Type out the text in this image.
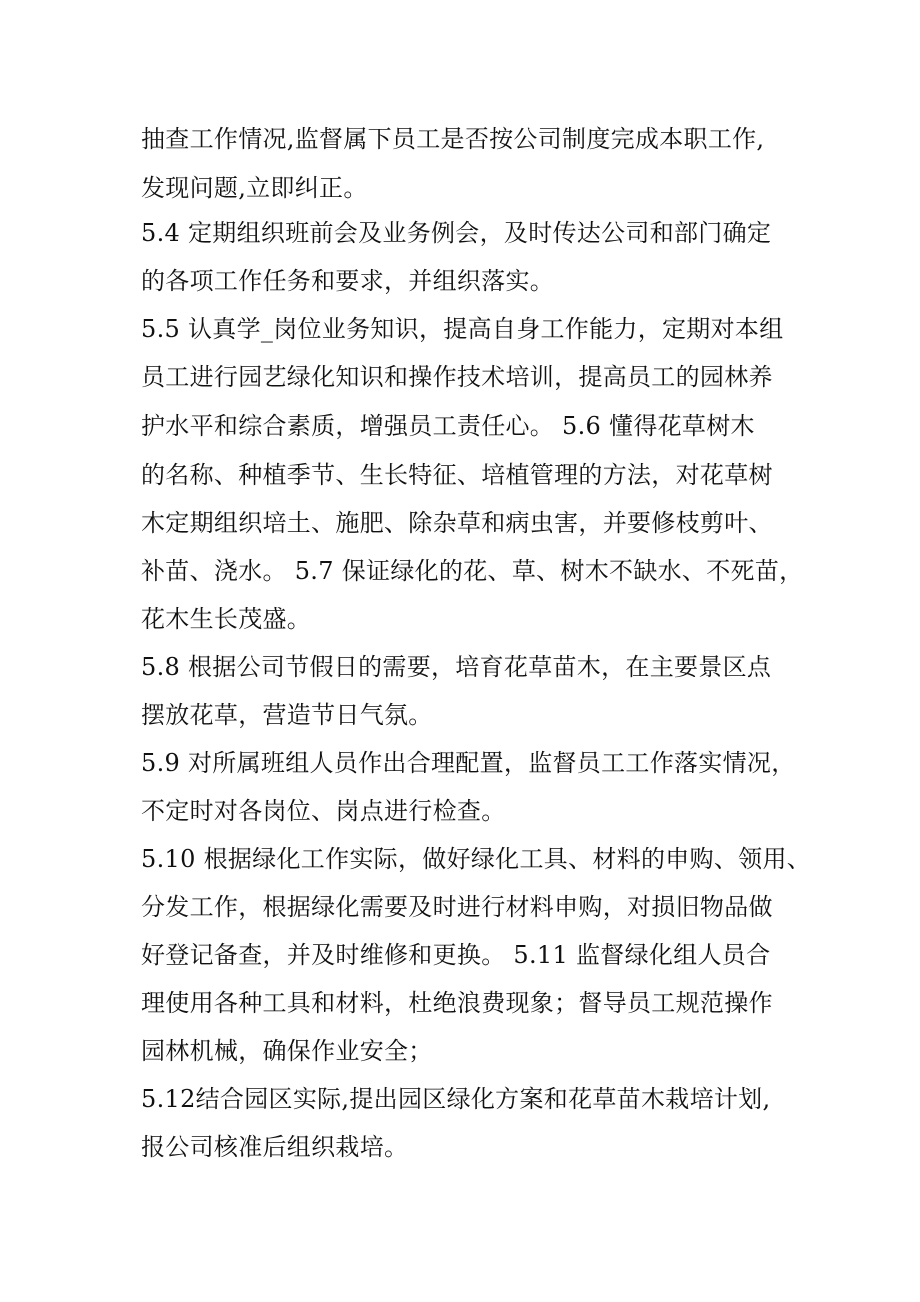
抽查工作情况,监督属下员工是否按公司制度完成本职工作,

发现问题,立即纠正。

5.4 定期组织班前会及业务例会，及时传达公司和部门确定

的各项工作任务和要求，并组织落实。

5.5 认真学_岗位业务知识，提高自身工作能力，定期对本组

员工进行园艺绿化知识和操作技术培训，提高员工的园林养

护水平和综合素质，增强员工责任心。 5.6 懂得花草树木

的名称、种植季节、生长特征、培植管理的方法，对花草树

木定期组织培土、施肥、除杂草和病虫害，并要修枝剪叶、

补苗、浇水。 5.7 保证绿化的花、草、树木不缺水、不死苗，

花木生长茂盛。

5.8 根据公司节假日的需要，培育花草苗木，在主要景区点

摆放花草，营造节日气氛。

5.9 对所属班组人员作出合理配置，监督员工工作落实情况，

不定时对各岗位、岗点进行检查。

5.10 根据绿化工作实际，做好绿化工具、材料的申购、领用、

分发工作，根据绿化需要及时进行材料申购，对损旧物品做

好登记备查，并及时维修和更换。 5.11 监督绿化组人员合

理使用各种工具和材料，杜绝浪费现象；督导员工规范操作

园林机械，确保作业安全；

5.12结合园区实际,提出园区绿化方案和花草苗木栽培计划,

报公司核准后组织栽培。
